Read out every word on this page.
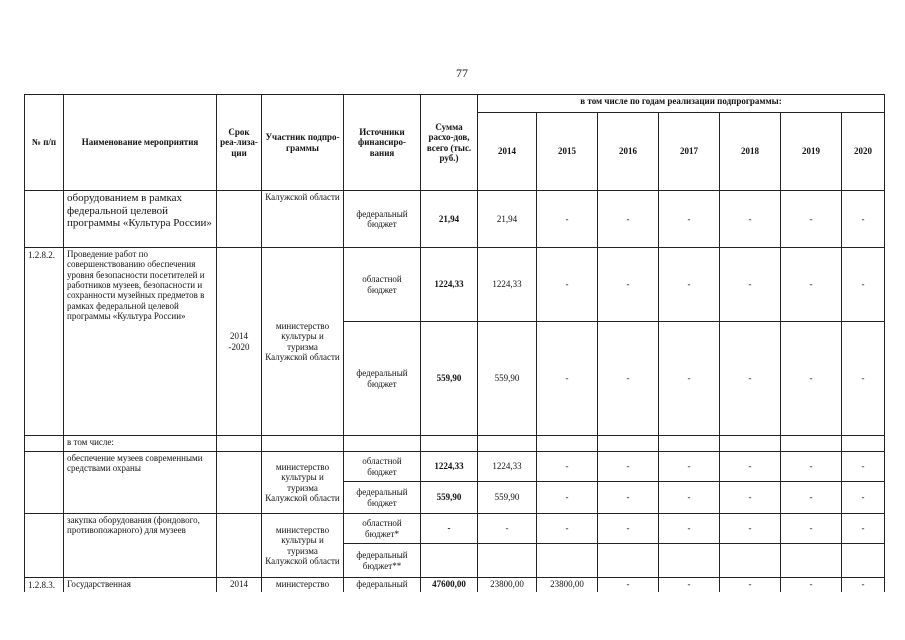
77
№ п/п	Наименование мероприятия	Срок реа-лиза-ции	Участник подпро-граммы	Источники финансиро-вания	Сумма расхо-дов, всего (тыс. руб.)	в том числе по годам реализации подпрограммы:						
						2014	2015	2016	2017	2018	2019	2020
	оборудованием в рамках федеральной целевой программы «Культура России»		Калужской области	федеральный бюджет	21,94	21,94	-	-	-	-	-	-
1.2.8.2.	Проведение работ по совершенствованию обеспечения уровня безопасности посетителей и работников музеев, безопасности и сохранности музейных предметов в рамках федеральной целевой программы «Культура России»	2014 -2020	министерство культуры и туризма Калужской области	областной бюджет	1224,33	1224,33	-	-	-	-	-	-
				федеральный бюджет	559,90	559,90	-	-	-	-	-	-
	в том числе:											
	обеспечение музеев современными средствами охраны		министерство культуры и туризма Калужской области	областной бюджет	1224,33	1224,33	-	-	-	-	-	-
				федеральный бюджет	559,90	559,90	-	-	-	-	-	-
	закупка оборудования (фондового, противопожарного) для музеев		министерство культуры и туризма Калужской области	областной бюджет*	-	-	-	-	-	-	-	-
				федеральный бюджет**								
1.2.8.3.	Государственная	2014	министерство	федеральный	47600,00	23800,00	23800,00	-	-	-	-	-
